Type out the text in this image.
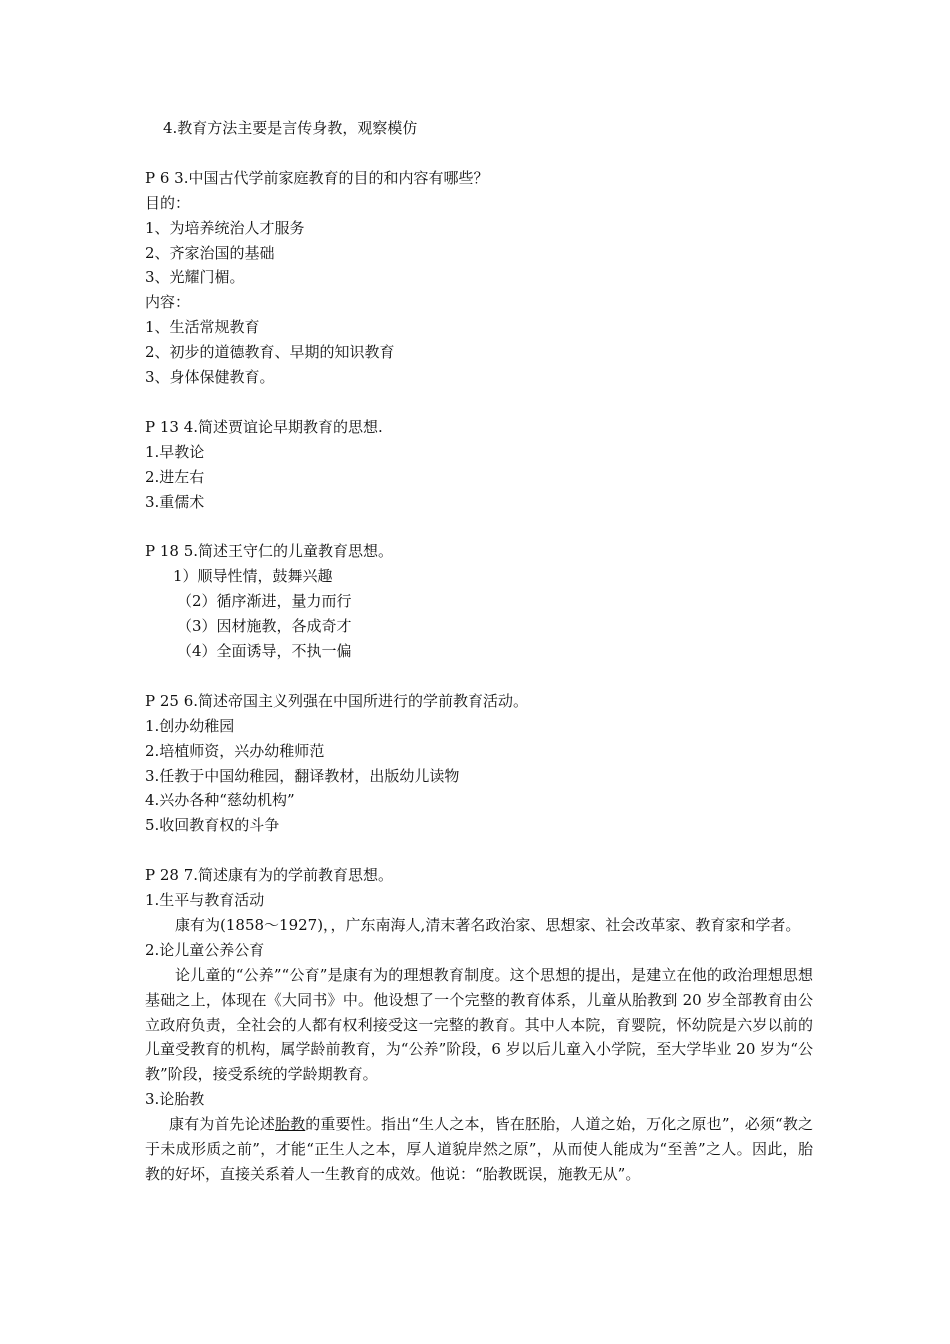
4.教育方法主要是言传身教，观察模仿
P 6 3.中国古代学前家庭教育的目的和内容有哪些？
目的：
1、为培养统治人才服务
2、齐家治国的基础
3、光耀门楣。
内容：
1、生活常规教育
2、初步的道德教育、早期的知识教育
3、身体保健教育。
P 13 4.简述贾谊论早期教育的思想.
1.早教论
2.进左右
3.重儒术
P 18 5.简述王守仁的儿童教育思想。
1）顺导性情，鼓舞兴趣
（2）循序渐进，量力而行
（3）因材施教，各成奇才
（4）全面诱导，不执一偏
P 25 6.简述帝国主义列强在中国所进行的学前教育活动。
1.创办幼稚园
2.培植师资，兴办幼稚师范
3.任教于中国幼稚园，翻译教材，出版幼儿读物
4.兴办各种“慈幼机构”
5.收回教育权的斗争
P 28 7.简述康有为的学前教育思想。
1.生平与教育活动
康有为(1858～1927)，，广东南海人,清末著名政治家、思想家、社会改革家、教育家和学者。
2.论儿童公养公育
论儿童的“公养”“公育”是康有为的理想教育制度。这个思想的提出，是建立在他的政治理想思想基础之上，体现在《大同书》中。他设想了一个完整的教育体系，儿童从胎教到 20 岁全部教育由公立政府负责，全社会的人都有权利接受这一完整的教育。其中人本院，育婴院，怀幼院是六岁以前的儿童受教育的机构，属学龄前教育，为“公养”阶段，6 岁以后儿童入小学院，至大学毕业 20 岁为“公教”阶段，接受系统的学龄期教育。
3.论胎教
康有为首先论述胎教的重要性。指出“生人之本，皆在胚胎，人道之始，万化之原也”，必须“教之于未成形质之前”，才能“正生人之本，厚人道貌岸然之原”，从而使人能成为“至善”之人。因此，胎教的好坏，直接关系着人一生教育的成效。他说：“胎教既误，施教无从”。
